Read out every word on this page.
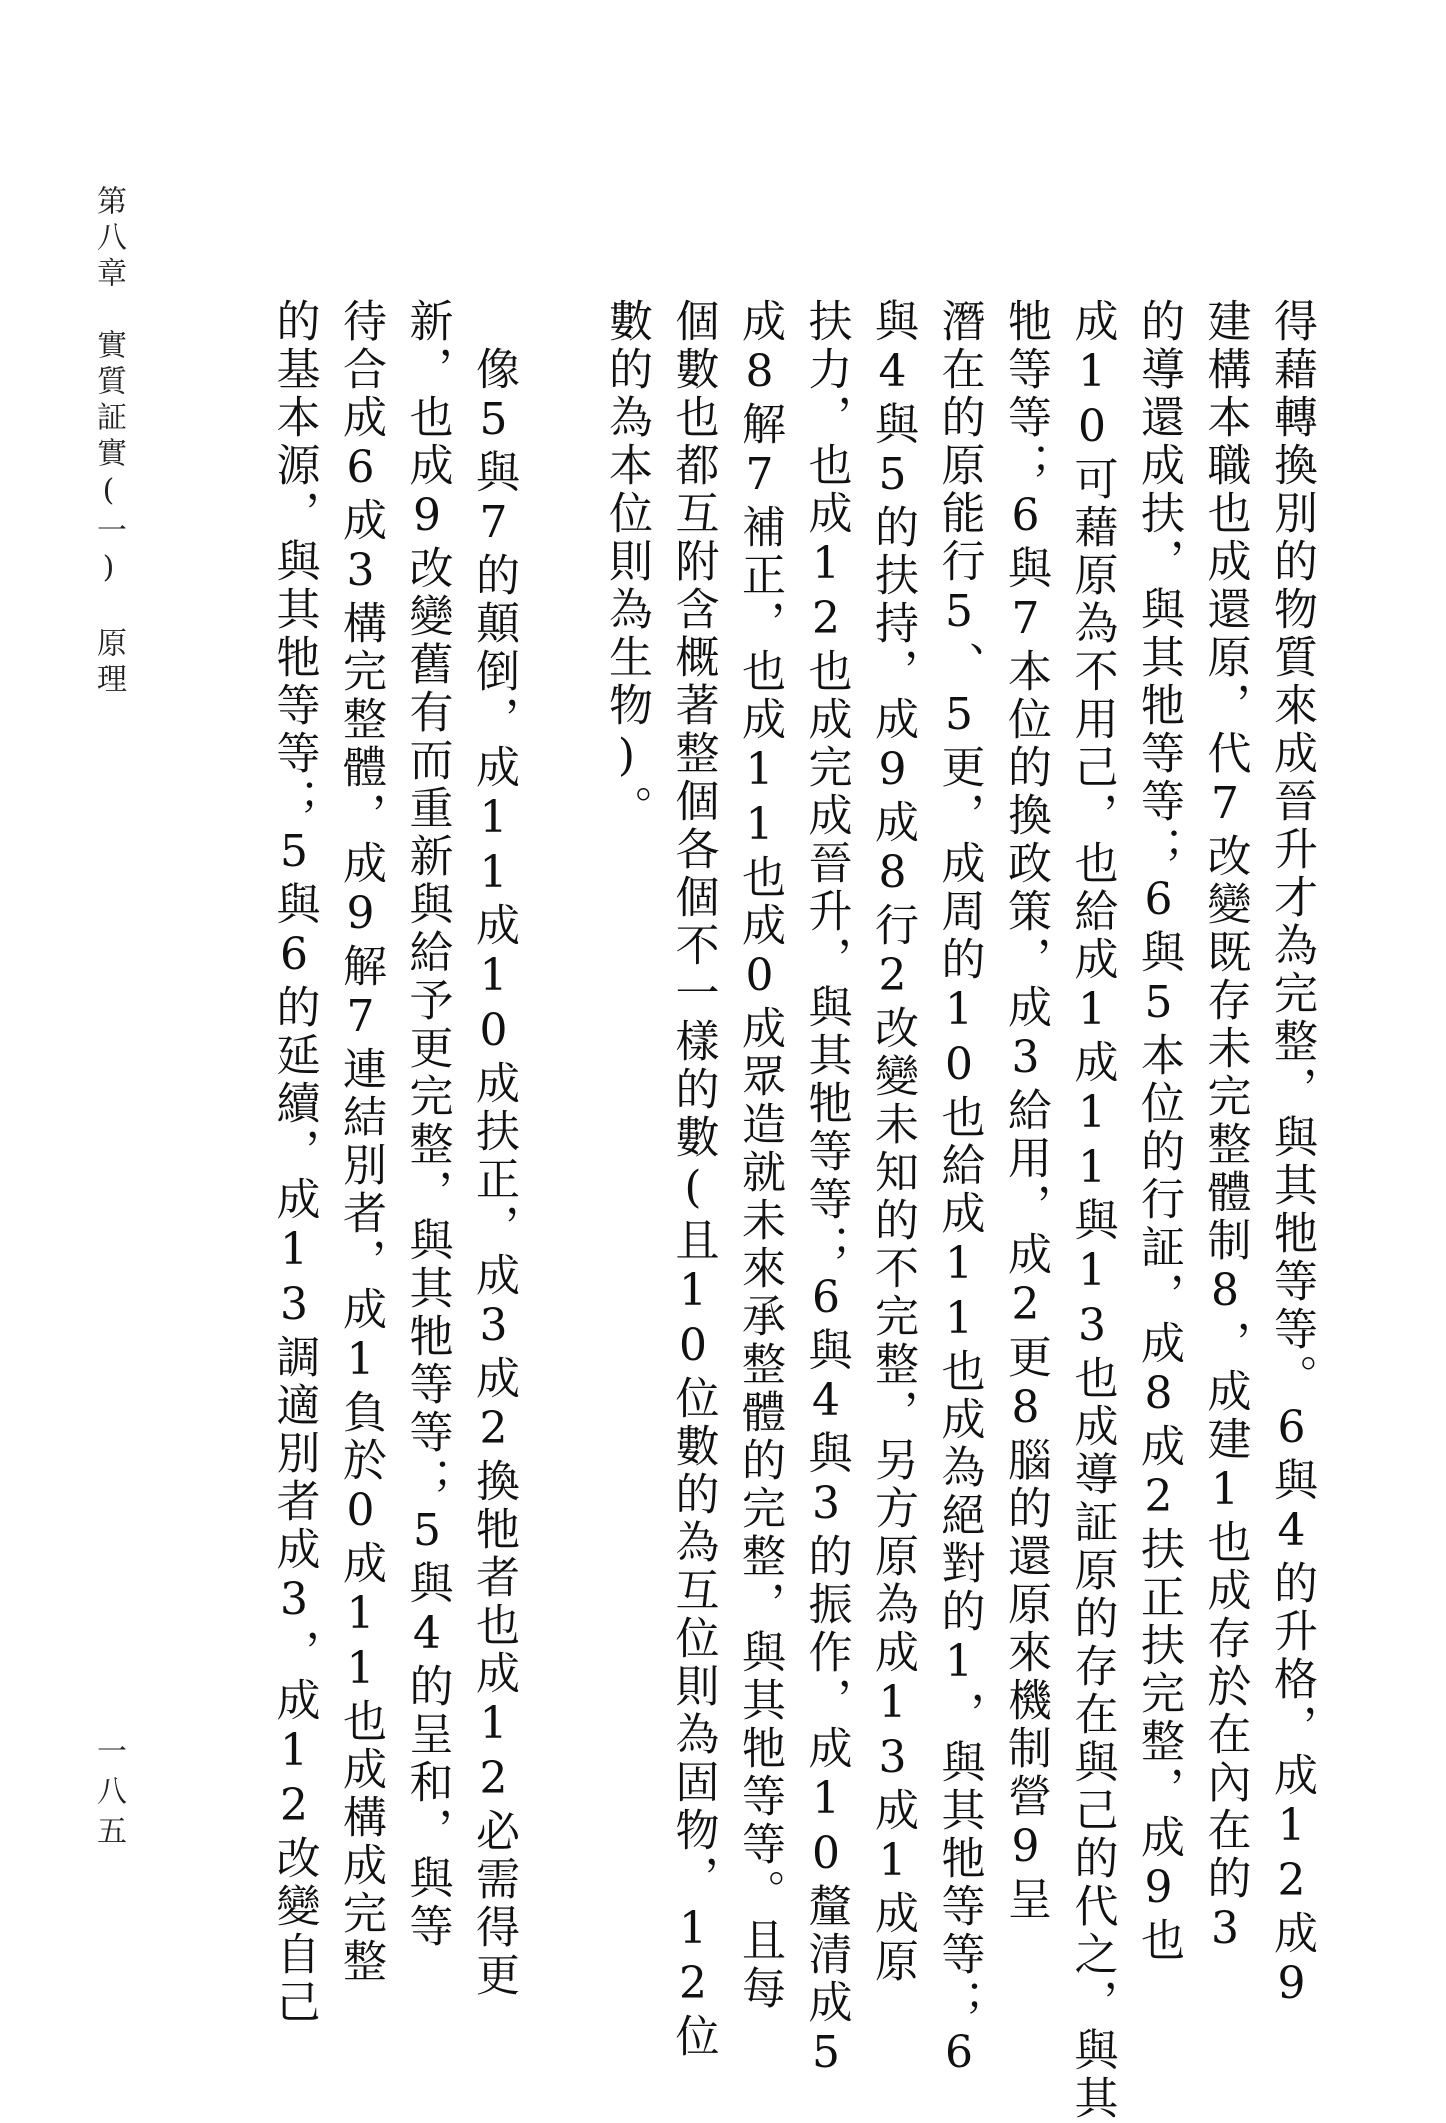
第八章　實質証實(一)　原理
一八五	得藉轉換別的物質來成晉升才為完整，與其牠等等。6與4的升格，成12成9
建構本職也成還原，代7改變既存未完整體制8，成建1也成存於在內在的3
的導還成扶，與其牠等等；6與5本位的行証，成8成2扶正扶完整，成9也
成10可藉原為不用己，也給成1成11與13也成導証原的存在與己的代之，與其
牠等等；6與7本位的換政策，成3給用，成2更8腦的還原來機制營9呈
潛在的原能行5、5更，成周的10也給成11也成為絕對的1，與其牠等等；6
與4與5的扶持，成9成8行2改變未知的不完整，另方原為成13成1成原
扶力，也成12也成完成晉升，與其牠等等；6與4與3的振作，成10釐清成5
成8解7補正，也成11也成0成眾造就未來承整體的完整，與其牠等等。且每
個數也都互附含概著整個各個不一樣的數(且10位數的為互位則為固物，12位
數的為本位則為生物)。
　像5與7的顛倒，成11成10成扶正，成3成2換牠者也成12必需得更
新，也成9改變舊有而重新與給予更完整，與其牠等等；5與4的呈和，與等
待合成6成3構完整體，成9解7連結別者，成1負於0成11也成構成完整
的基本源，與其牠等等；5與6的延續，成13調適別者成3，成12改變自己
